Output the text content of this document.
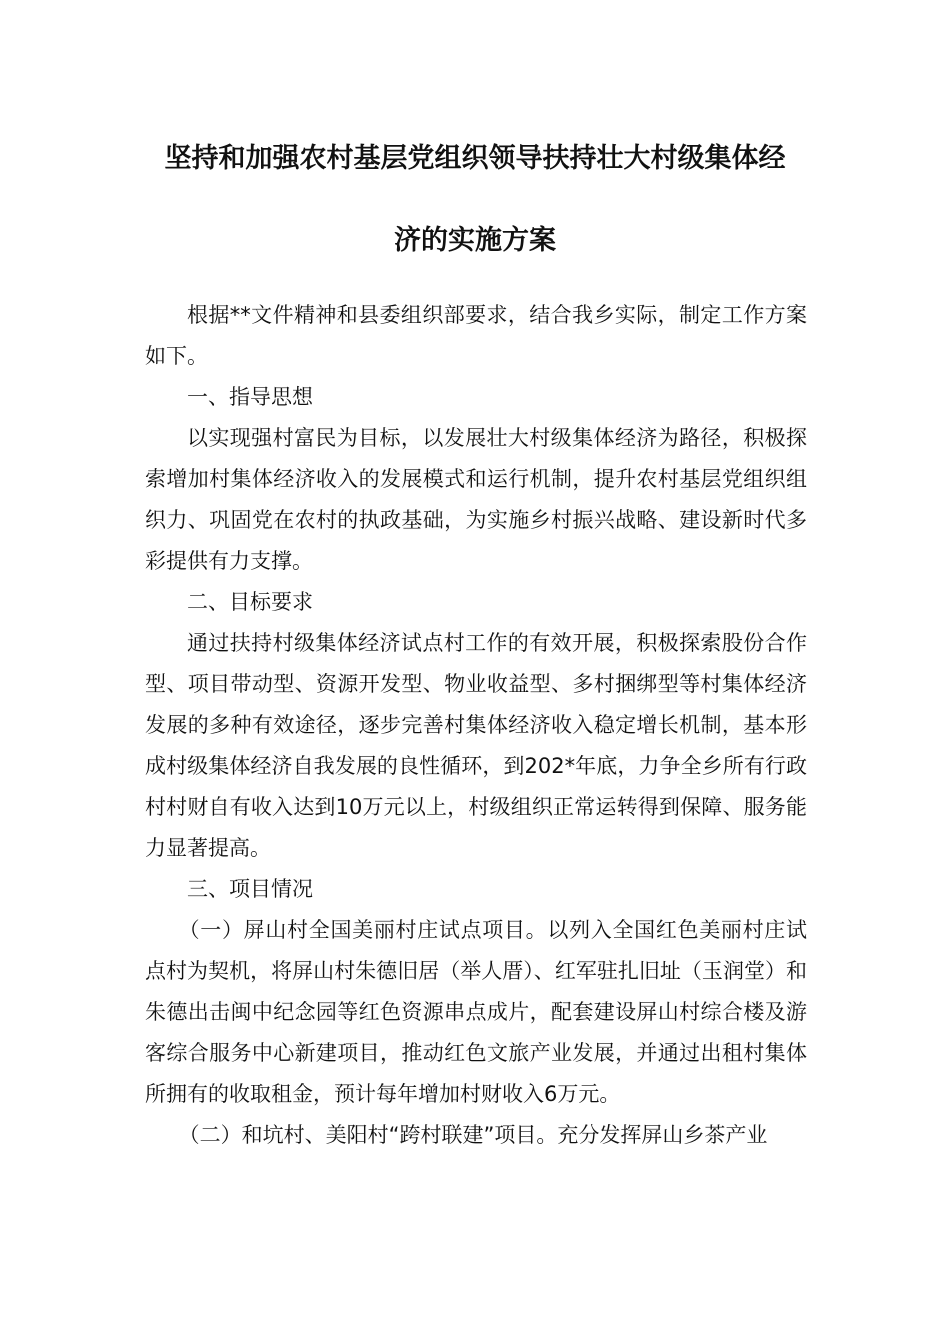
坚持和加强农村基层党组织领导扶持壮大村级集体经
济的实施方案

根据**文件精神和县委组织部要求，结合我乡实际，制定工作方案如下。

一、指导思想

以实现强村富民为目标，以发展壮大村级集体经济为路径，积极探索增加村集体经济收入的发展模式和运行机制，提升农村基层党组织组织力、巩固党在农村的执政基础，为实施乡村振兴战略、建设新时代多彩提供有力支撑。

二、目标要求

通过扶持村级集体经济试点村工作的有效开展，积极探索股份合作型、项目带动型、资源开发型、物业收益型、多村捆绑型等村集体经济发展的多种有效途径，逐步完善村集体经济收入稳定增长机制，基本形成村级集体经济自我发展的良性循环，到202*年底，力争全乡所有行政村村财自有收入达到10万元以上，村级组织正常运转得到保障、服务能力显著提高。

三、项目情况

（一）屏山村全国美丽村庄试点项目。以列入全国红色美丽村庄试点村为契机，将屏山村朱德旧居（举人厝）、红军驻扎旧址（玉润堂）和朱德出击闽中纪念园等红色资源串点成片，配套建设屏山村综合楼及游客综合服务中心新建项目，推动红色文旅产业发展，并通过出租村集体所拥有的收取租金，预计每年增加村财收入6万元。

（二）和坑村、美阳村“跨村联建”项目。充分发挥屏山乡茶产业
